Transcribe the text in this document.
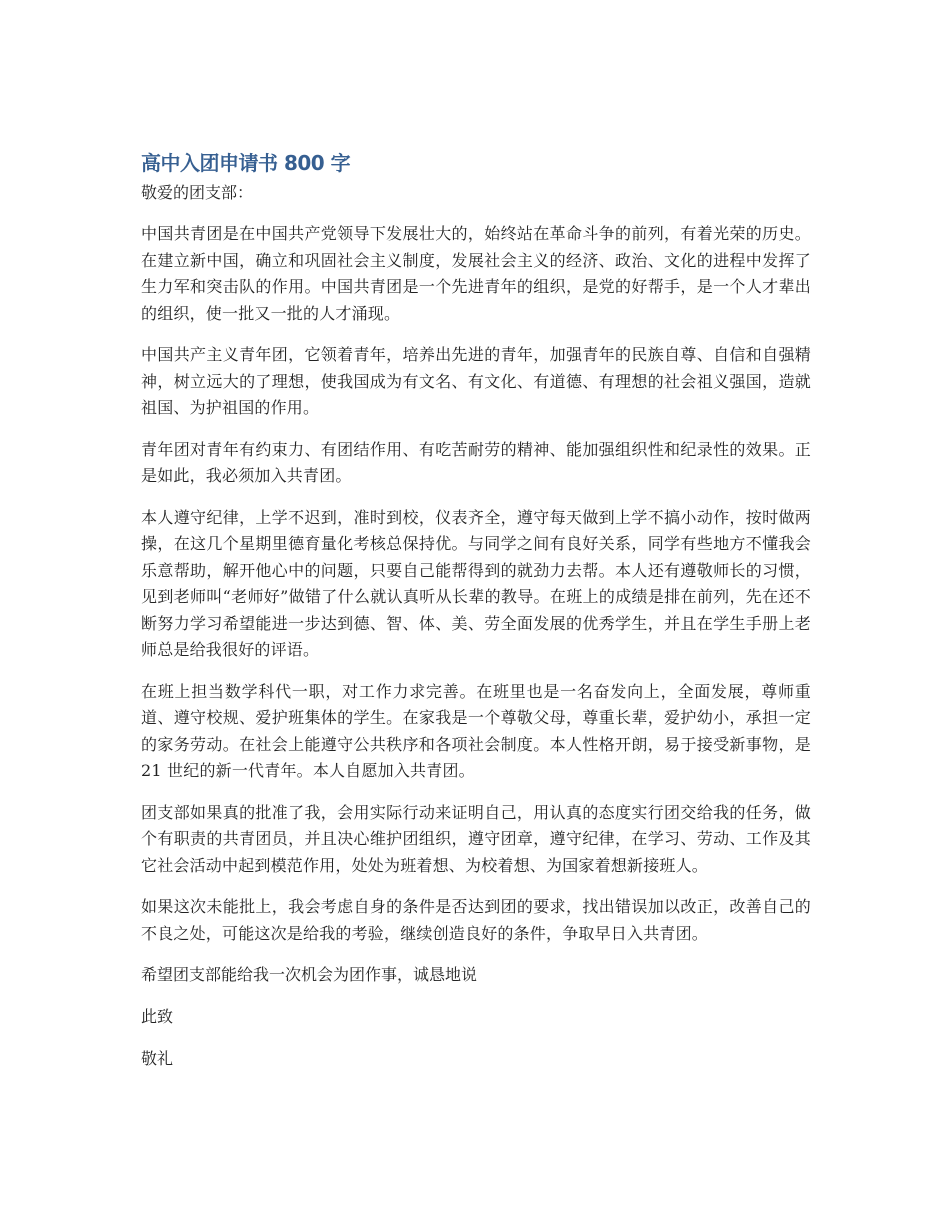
高中入团申请书 800 字

敬爱的团支部：

中国共青团是在中国共产党领导下发展壮大的，始终站在革命斗争的前列，有着光荣的历史。在建立新中国，确立和巩固社会主义制度，发展社会主义的经济、政治、文化的进程中发挥了生力军和突击队的作用。中国共青团是一个先进青年的组织，是党的好帮手，是一个人才辈出的组织，使一批又一批的人才涌现。

中国共产主义青年团，它领着青年，培养出先进的青年，加强青年的民族自尊、自信和自强精神，树立远大的了理想，使我国成为有文名、有文化、有道德、有理想的社会祖义强国，造就祖国、为护祖国的作用。

青年团对青年有约束力、有团结作用、有吃苦耐劳的精神、能加强组织性和纪录性的效果。正是如此，我必须加入共青团。

本人遵守纪律，上学不迟到，准时到校，仪表齐全，遵守每天做到上学不搞小动作，按时做两操，在这几个星期里德育量化考核总保持优。与同学之间有良好关系，同学有些地方不懂我会乐意帮助，解开他心中的问题，只要自己能帮得到的就劲力去帮。本人还有遵敬师长的习惯，见到老师叫“老师好”做错了什么就认真听从长辈的教导。在班上的成绩是排在前列，先在还不断努力学习希望能进一步达到德、智、体、美、劳全面发展的优秀学生，并且在学生手册上老师总是给我很好的评语。

在班上担当数学科代一职，对工作力求完善。在班里也是一名奋发向上，全面发展，尊师重道、遵守校规、爱护班集体的学生。在家我是一个尊敬父母，尊重长辈，爱护幼小，承担一定的家务劳动。在社会上能遵守公共秩序和各项社会制度。本人性格开朗，易于接受新事物，是 21 世纪的新一代青年。本人自愿加入共青团。

团支部如果真的批准了我，会用实际行动来证明自己，用认真的态度实行团交给我的任务，做个有职责的共青团员，并且决心维护团组织，遵守团章，遵守纪律，在学习、劳动、工作及其它社会活动中起到模范作用，处处为班着想、为校着想、为国家着想新接班人。

如果这次未能批上，我会考虑自身的条件是否达到团的要求，找出错误加以改正，改善自己的不良之处，可能这次是给我的考验，继续创造良好的条件，争取早日入共青团。

希望团支部能给我一次机会为团作事，诚恳地说

此致

敬礼
